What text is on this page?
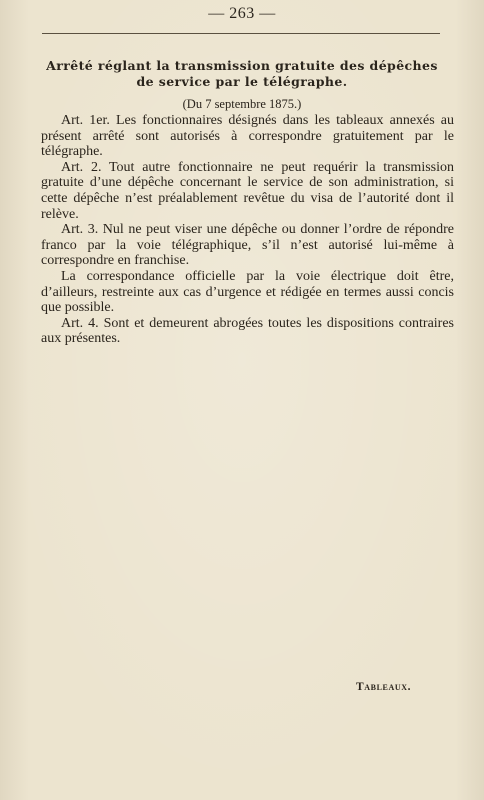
— 263 —
Arrêté réglant la transmission gratuite des dépêches
de service par le télégraphe.
(Du 7 septembre 1875.)

Art. 1er. Les fonctionnaires désignés dans les tableaux annexés au présent arrêté sont autorisés à correspondre gratuitement par le télégraphe.

Art. 2. Tout autre fonctionnaire ne peut requérir la transmission gratuite d’une dépêche concernant le service de son administration, si cette dépêche n’est préalablement revêtue du visa de l’autorité dont il relève.

Art. 3. Nul ne peut viser une dépêche ou donner l’ordre de répondre franco par la voie télégraphique, s’il n’est autorisé lui-même à correspondre en franchise.

La correspondance officielle par la voie électrique doit être, d’ailleurs, restreinte aux cas d’urgence et rédigée en termes aussi concis que possible.

Art. 4. Sont et demeurent abrogées toutes les dispositions contraires aux présentes.

Tableaux.
